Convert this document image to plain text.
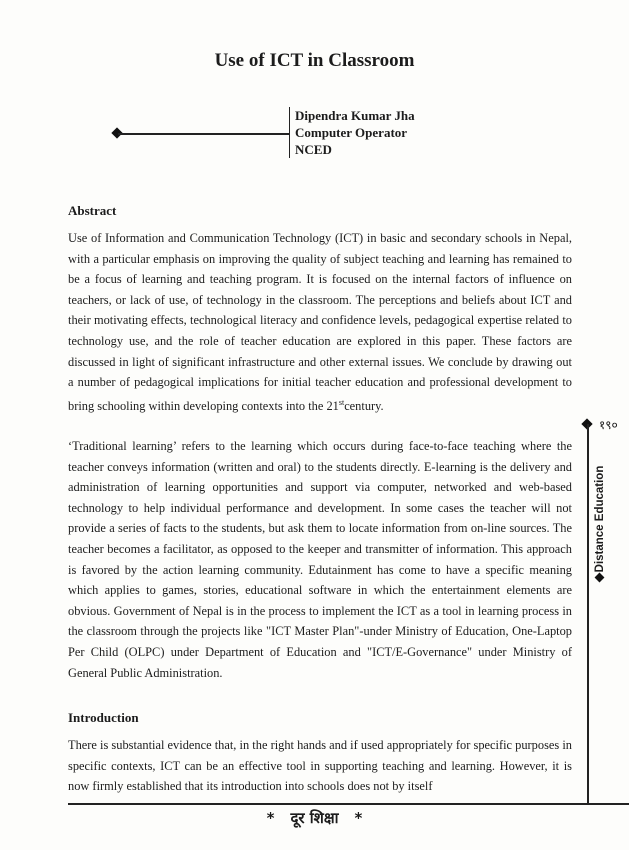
Use of ICT in Classroom
Dipendra Kumar Jha
Computer Operator
NCED
Abstract

Use of Information and Communication Technology (ICT) in basic and secondary schools in Nepal, with a particular emphasis on improving the quality of subject teaching and learning has remained to be a focus of learning and teaching program. It is focused on the internal factors of influence on teachers, or lack of use, of technology in the classroom. The perceptions and beliefs about ICT and their motivating effects, technological literacy and confidence levels, pedagogical expertise related to technology use, and the role of teacher education are explored in this paper. These factors are discussed in light of significant infrastructure and other external issues. We conclude by drawing out a number of pedagogical implications for initial teacher education and professional development to bring schooling within developing contexts into the 21stcentury.

‘Traditional learning’ refers to the learning which occurs during face-to-face teaching where the teacher conveys information (written and oral) to the students directly. E-learning is the delivery and administration of learning opportunities and support via computer, networked and web-based technology to help individual performance and development. In some cases the teacher will not provide a series of facts to the students, but ask them to locate information from on-line sources. The teacher becomes a facilitator, as opposed to the keeper and transmitter of information. This approach is favored by the action learning community. Edutainment has come to have a specific meaning which applies to games, stories, educational software in which the entertainment elements are obvious. Government of Nepal is in the process to implement the ICT as a tool in learning process in the classroom through the projects like "ICT Master Plan"-under Ministry of Education, One-Laptop Per Child (OLPC) under Department of Education and "ICT/E-Governance" under Ministry of General Public Administration.

Introduction

There is substantial evidence that, in the right hands and if used appropriately for specific purposes in specific contexts, ICT can be an effective tool in supporting teaching and learning. However, it is now firmly established that its introduction into schools does not by itself

१९०
Distance Education
* दूर शिक्षा *
